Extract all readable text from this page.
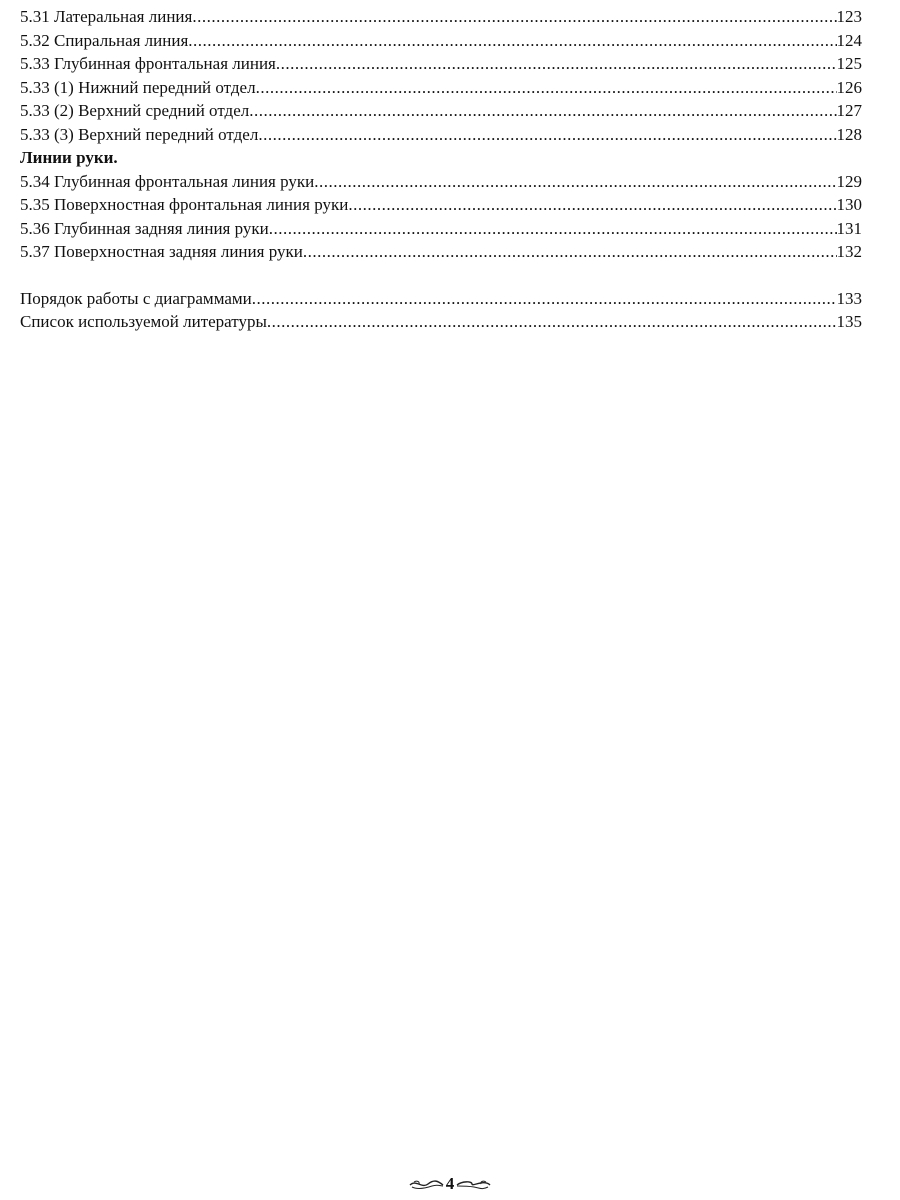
5.31 Латеральная линия .....	123
5.32 Спиральная линия .....	124
5.33 Глубинная фронтальная линия .....	125
5.33 (1) Нижний передний отдел .....	126
5.33 (2) Верхний средний отдел .....	127
5.33 (3) Верхний передний отдел .....	128
Линии руки.
5.34 Глубинная фронтальная линия руки .....	129
5.35 Поверхностная фронтальная линия руки .....	130
5.36 Глубинная задняя линия руки .....	131
5.37 Поверхностная задняя линия руки .....	132
Порядок работы с диаграммами .....	133
Список используемой литературы .....	135
4
